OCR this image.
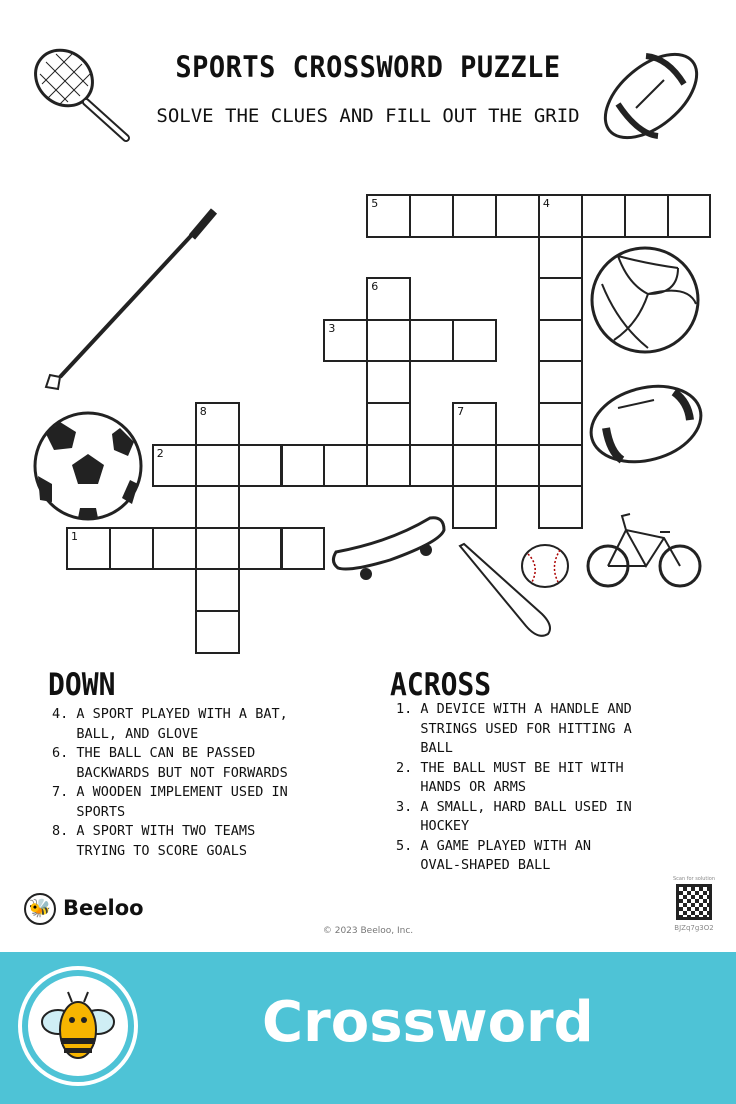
SPORTS CROSSWORD PUZZLE
SOLVE THE CLUES AND FILL OUT THE GRID
5	4
6
3
8	7
2
1
DOWN
4. A SPORT PLAYED WITH A BAT,
BALL, AND GLOVE
6. THE BALL CAN BE PASSED
BACKWARDS BUT NOT FORWARDS
7. A WOODEN IMPLEMENT USED IN
SPORTS
8. A SPORT WITH TWO TEAMS
TRYING TO SCORE GOALS
ACROSS
1. A DEVICE WITH A HANDLE AND
STRINGS USED FOR HITTING A
BALL
2. THE BALL MUST BE HIT WITH
HANDS OR ARMS
3. A SMALL, HARD BALL USED IN
HOCKEY
5. A GAME PLAYED WITH AN
OVAL-SHAPED BALL
🐝 Beeloo
© 2023 Beeloo, Inc.
Scan for solution
BJZq7g3O2
Crossword
